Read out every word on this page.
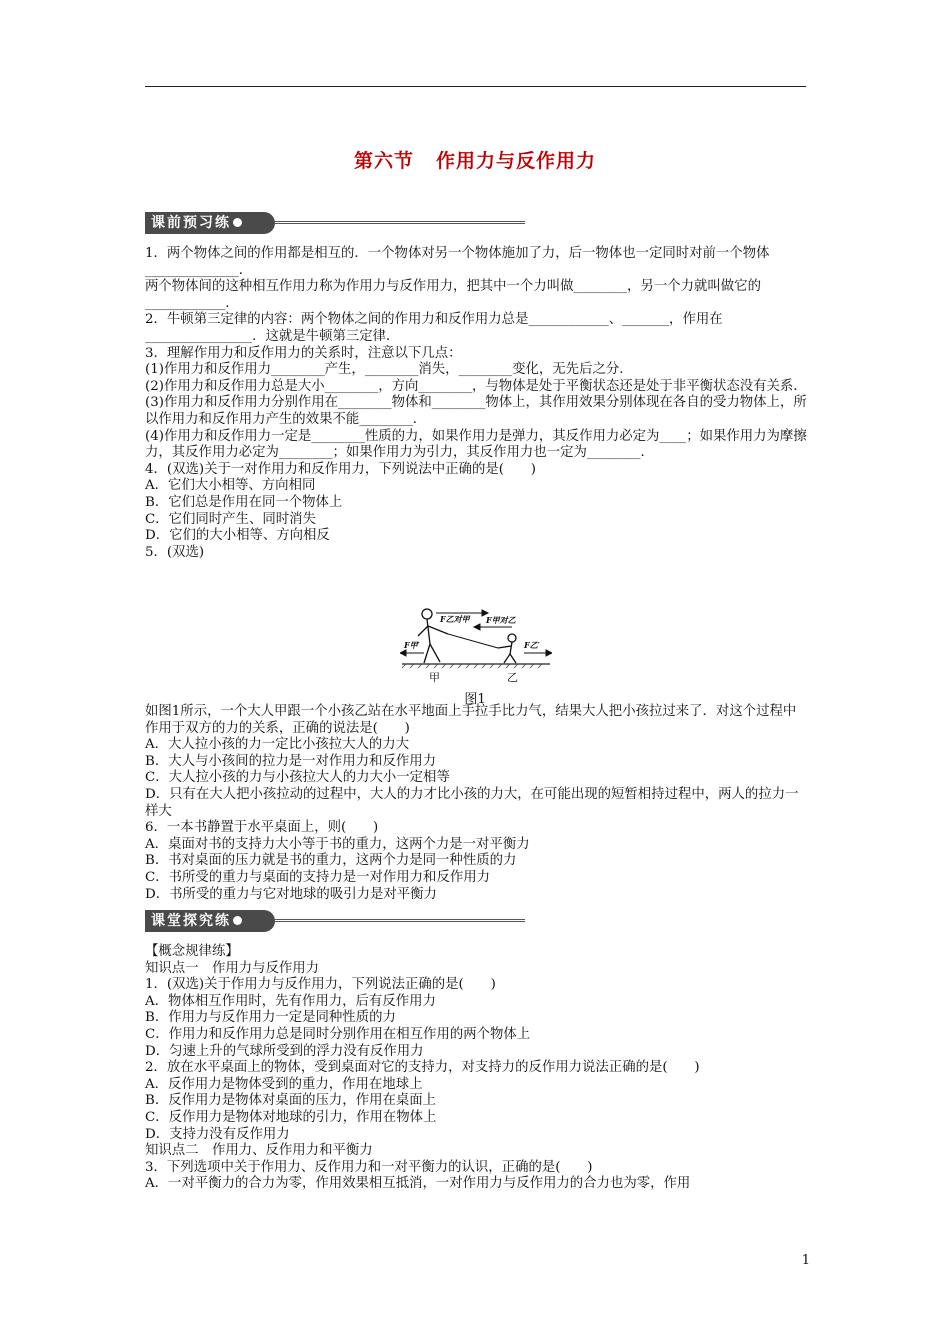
第六节 作用力与反作用力
课前预习练

1．两个物体之间的作用都是相互的．一个物体对另一个物体施加了力，后一物体也一定同时对前一个物体______________．

两个物体间的这种相互作用力称为作用力与反作用力，把其中一个力叫做________，另一个力就叫做它的____________．

2．牛顿第三定律的内容：两个物体之间的作用力和反作用力总是____________、_______，作用在________________．这就是牛顿第三定律．

3．理解作用力和反作用力的关系时，注意以下几点：

(1)作用力和反作用力________产生，________消失，________变化，无先后之分．

(2)作用力和反作用力总是大小________，方向________，与物体是处于平衡状态还是处于非平衡状态没有关系．

(3)作用力和反作用力分别作用在________物体和________物体上，其作用效果分别体现在各自的受力物体上，所以作用力和反作用力产生的效果不能________．

(4)作用力和反作用力一定是________性质的力，如果作用力是弹力，其反作用力必定为____；如果作用力为摩擦力，其反作用力必定为________；如果作用力为引力，其反作用力也一定为________．

4．(双选)关于一对作用力和反作用力，下列说法中正确的是(　　)

A．它们大小相等、方向相同

B．它们总是作用在同一个物体上

C．它们同时产生、同时消失

D．它们的大小相等、方向相反

5．(双选)

F乙对甲 F甲对乙
F甲′	F乙′
甲	乙
图1

如图1所示，一个大人甲跟一个小孩乙站在水平地面上手拉手比力气，结果大人把小孩拉过来了．对这个过程中作用于双方的力的关系，正确的说法是(　　)

A．大人拉小孩的力一定比小孩拉大人的力大

B．大人与小孩间的拉力是一对作用力和反作用力

C．大人拉小孩的力与小孩拉大人的力大小一定相等

D．只有在大人把小孩拉动的过程中，大人的力才比小孩的力大，在可能出现的短暂相持过程中，两人的拉力一样大

6．一本书静置于水平桌面上，则(　　)

A．桌面对书的支持力大小等于书的重力，这两个力是一对平衡力

B．书对桌面的压力就是书的重力，这两个力是同一种性质的力

C．书所受的重力与桌面的支持力是一对作用力和反作用力

D．书所受的重力与它对地球的吸引力是对平衡力

课堂探究练

【概念规律练】

知识点一　作用力与反作用力

1．(双选)关于作用力与反作用力，下列说法正确的是(　　)

A．物体相互作用时，先有作用力，后有反作用力

B．作用力与反作用力一定是同种性质的力

C．作用力和反作用力总是同时分别作用在相互作用的两个物体上

D．匀速上升的气球所受到的浮力没有反作用力

2．放在水平桌面上的物体，受到桌面对它的支持力，对支持力的反作用力说法正确的是(　　)

A．反作用力是物体受到的重力，作用在地球上

B．反作用力是物体对桌面的压力，作用在桌面上

C．反作用力是物体对地球的引力，作用在物体上

D．支持力没有反作用力

知识点二　作用力、反作用力和平衡力

3．下列选项中关于作用力、反作用力和一对平衡力的认识，正确的是(　　)

A．一对平衡力的合力为零，作用效果相互抵消，一对作用力与反作用力的合力也为零，作用

1
